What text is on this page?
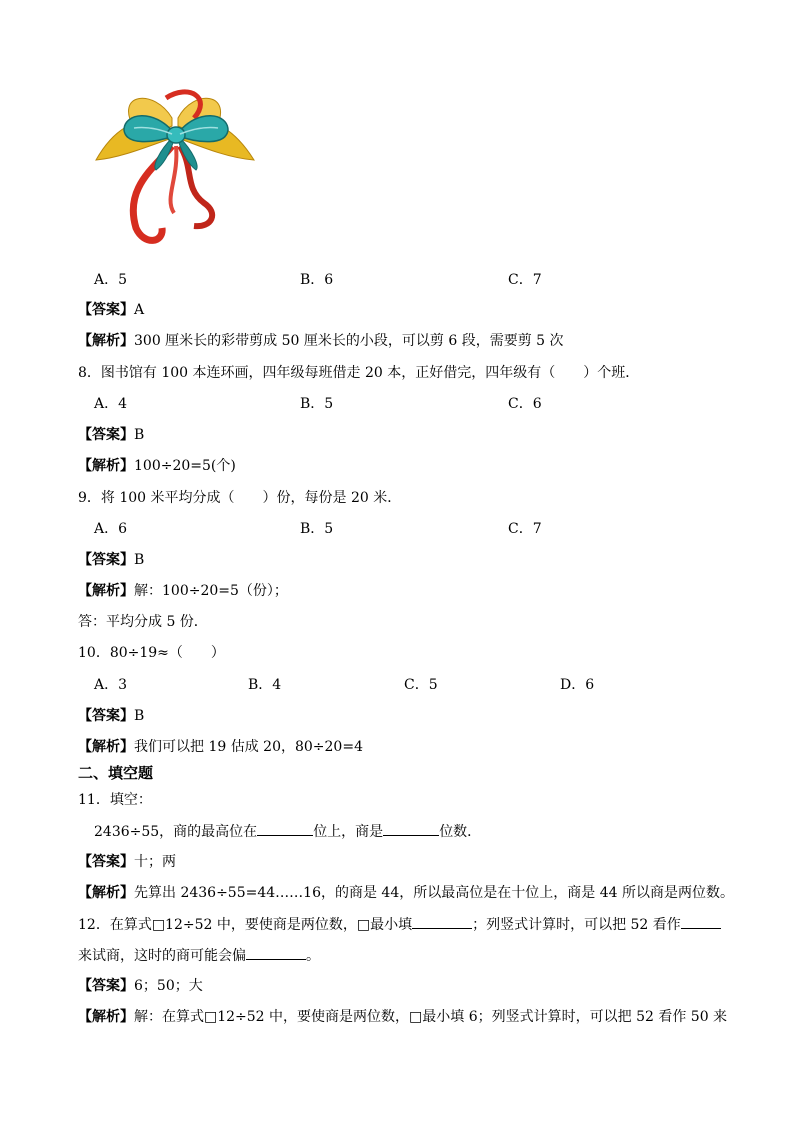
A．5	B．6	C．7
【答案】A
【解析】300 厘米长的彩带剪成 50 厘米长的小段，可以剪 6 段，需要剪 5 次
8．图书馆有 100 本连环画，四年级每班借走 20 本，正好借完，四年级有（　　）个班．
A．4	B．5	C．6
【答案】B
【解析】100÷20=5(个)
9．将 100 米平均分成（　　）份，每份是 20 米．
A．6	B．5	C．7
【答案】B
【解析】解：100÷20=5（份）；
答：平均分成 5 份．
10．80÷19≈（　　）
A．3	B．4	C．5	D．6
【答案】B
【解析】我们可以把 19 估成 20，80÷20=4
二、填空题
11．填空：
2436÷55，商的最高位在	位上，商是	位数．
【答案】十；两
【解析】先算出 2436÷55=44……16，的商是 44，所以最高位是在十位上，商是 44 所以商是两位数。
12．在算式□12÷52 中，要使商是两位数，□最小填	；列竖式计算时，可以把 52 看作
来试商，这时的商可能会偏	。
【答案】6；50；大
【解析】解：在算式□12÷52 中，要使商是两位数，□最小填 6；列竖式计算时，可以把 52 看作 50 来
